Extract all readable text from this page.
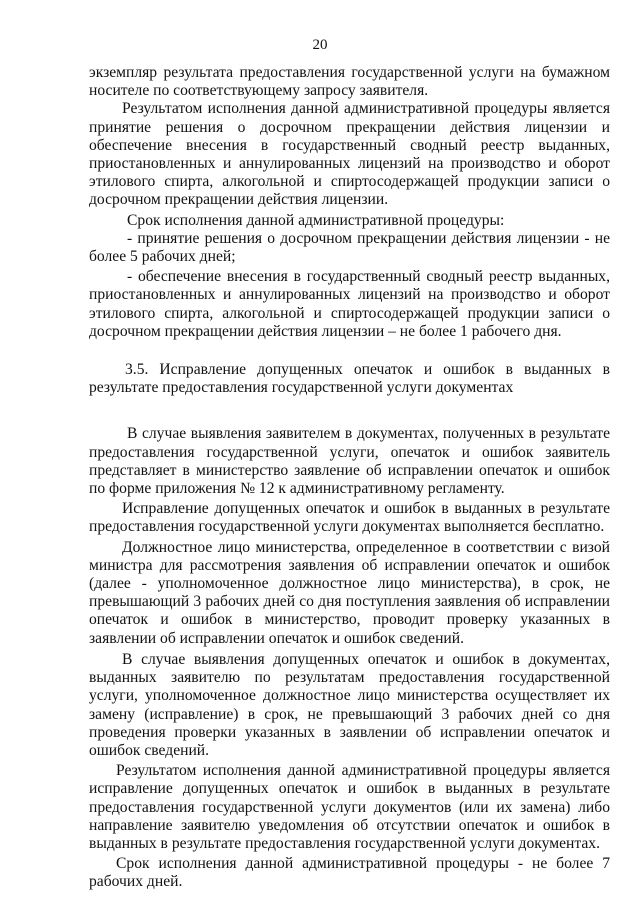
20

экземпляр результата предоставления государственной услуги на бумажном носителе по соответствующему запросу заявителя.

Результатом исполнения данной административной процедуры является принятие решения о досрочном прекращении действия лицензии и обеспечение внесения в государственный сводный реестр выданных, приостановленных и аннулированных лицензий на производство и оборот этилового спирта, алкогольной и спиртосодержащей продукции записи о досрочном прекращении действия лицензии.

Срок исполнения данной административной процедуры:

- принятие решения о досрочном прекращении действия лицензии - не более 5 рабочих дней;

- обеспечение внесения в государственный сводный реестр выданных, приостановленных и аннулированных лицензий на производство и оборот этилового спирта, алкогольной и спиртосодержащей продукции записи о досрочном прекращении действия лицензии – не более 1 рабочего дня.

3.5. Исправление допущенных опечаток и ошибок в выданных в результате предоставления государственной услуги документах

В случае выявления заявителем в документах, полученных в результате предоставления государственной услуги, опечаток и ошибок заявитель представляет в министерство заявление об исправлении опечаток и ошибок по форме приложения № 12 к административному регламенту.

Исправление допущенных опечаток и ошибок в выданных в результате предоставления государственной услуги документах выполняется бесплатно.

Должностное лицо министерства, определенное в соответствии с визой министра для рассмотрения заявления об исправлении опечаток и ошибок (далее - уполномоченное должностное лицо министерства), в срок, не превышающий 3 рабочих дней со дня поступления заявления об исправлении опечаток и ошибок в министерство, проводит проверку указанных в заявлении об исправлении опечаток и ошибок сведений.

В случае выявления допущенных опечаток и ошибок в документах, выданных заявителю по результатам предоставления государственной услуги, уполномоченное должностное лицо министерства осуществляет их замену (исправление) в срок, не превышающий 3 рабочих дней со дня проведения проверки указанных в заявлении об исправлении опечаток и ошибок сведений.

Результатом исполнения данной административной процедуры является исправление допущенных опечаток и ошибок в выданных в результате предоставления государственной услуги документов (или их замена) либо направление заявителю уведомления об отсутствии опечаток и ошибок в выданных в результате предоставления государственной услуги документах.

Срок исполнения данной административной процедуры - не более 7 рабочих дней.
